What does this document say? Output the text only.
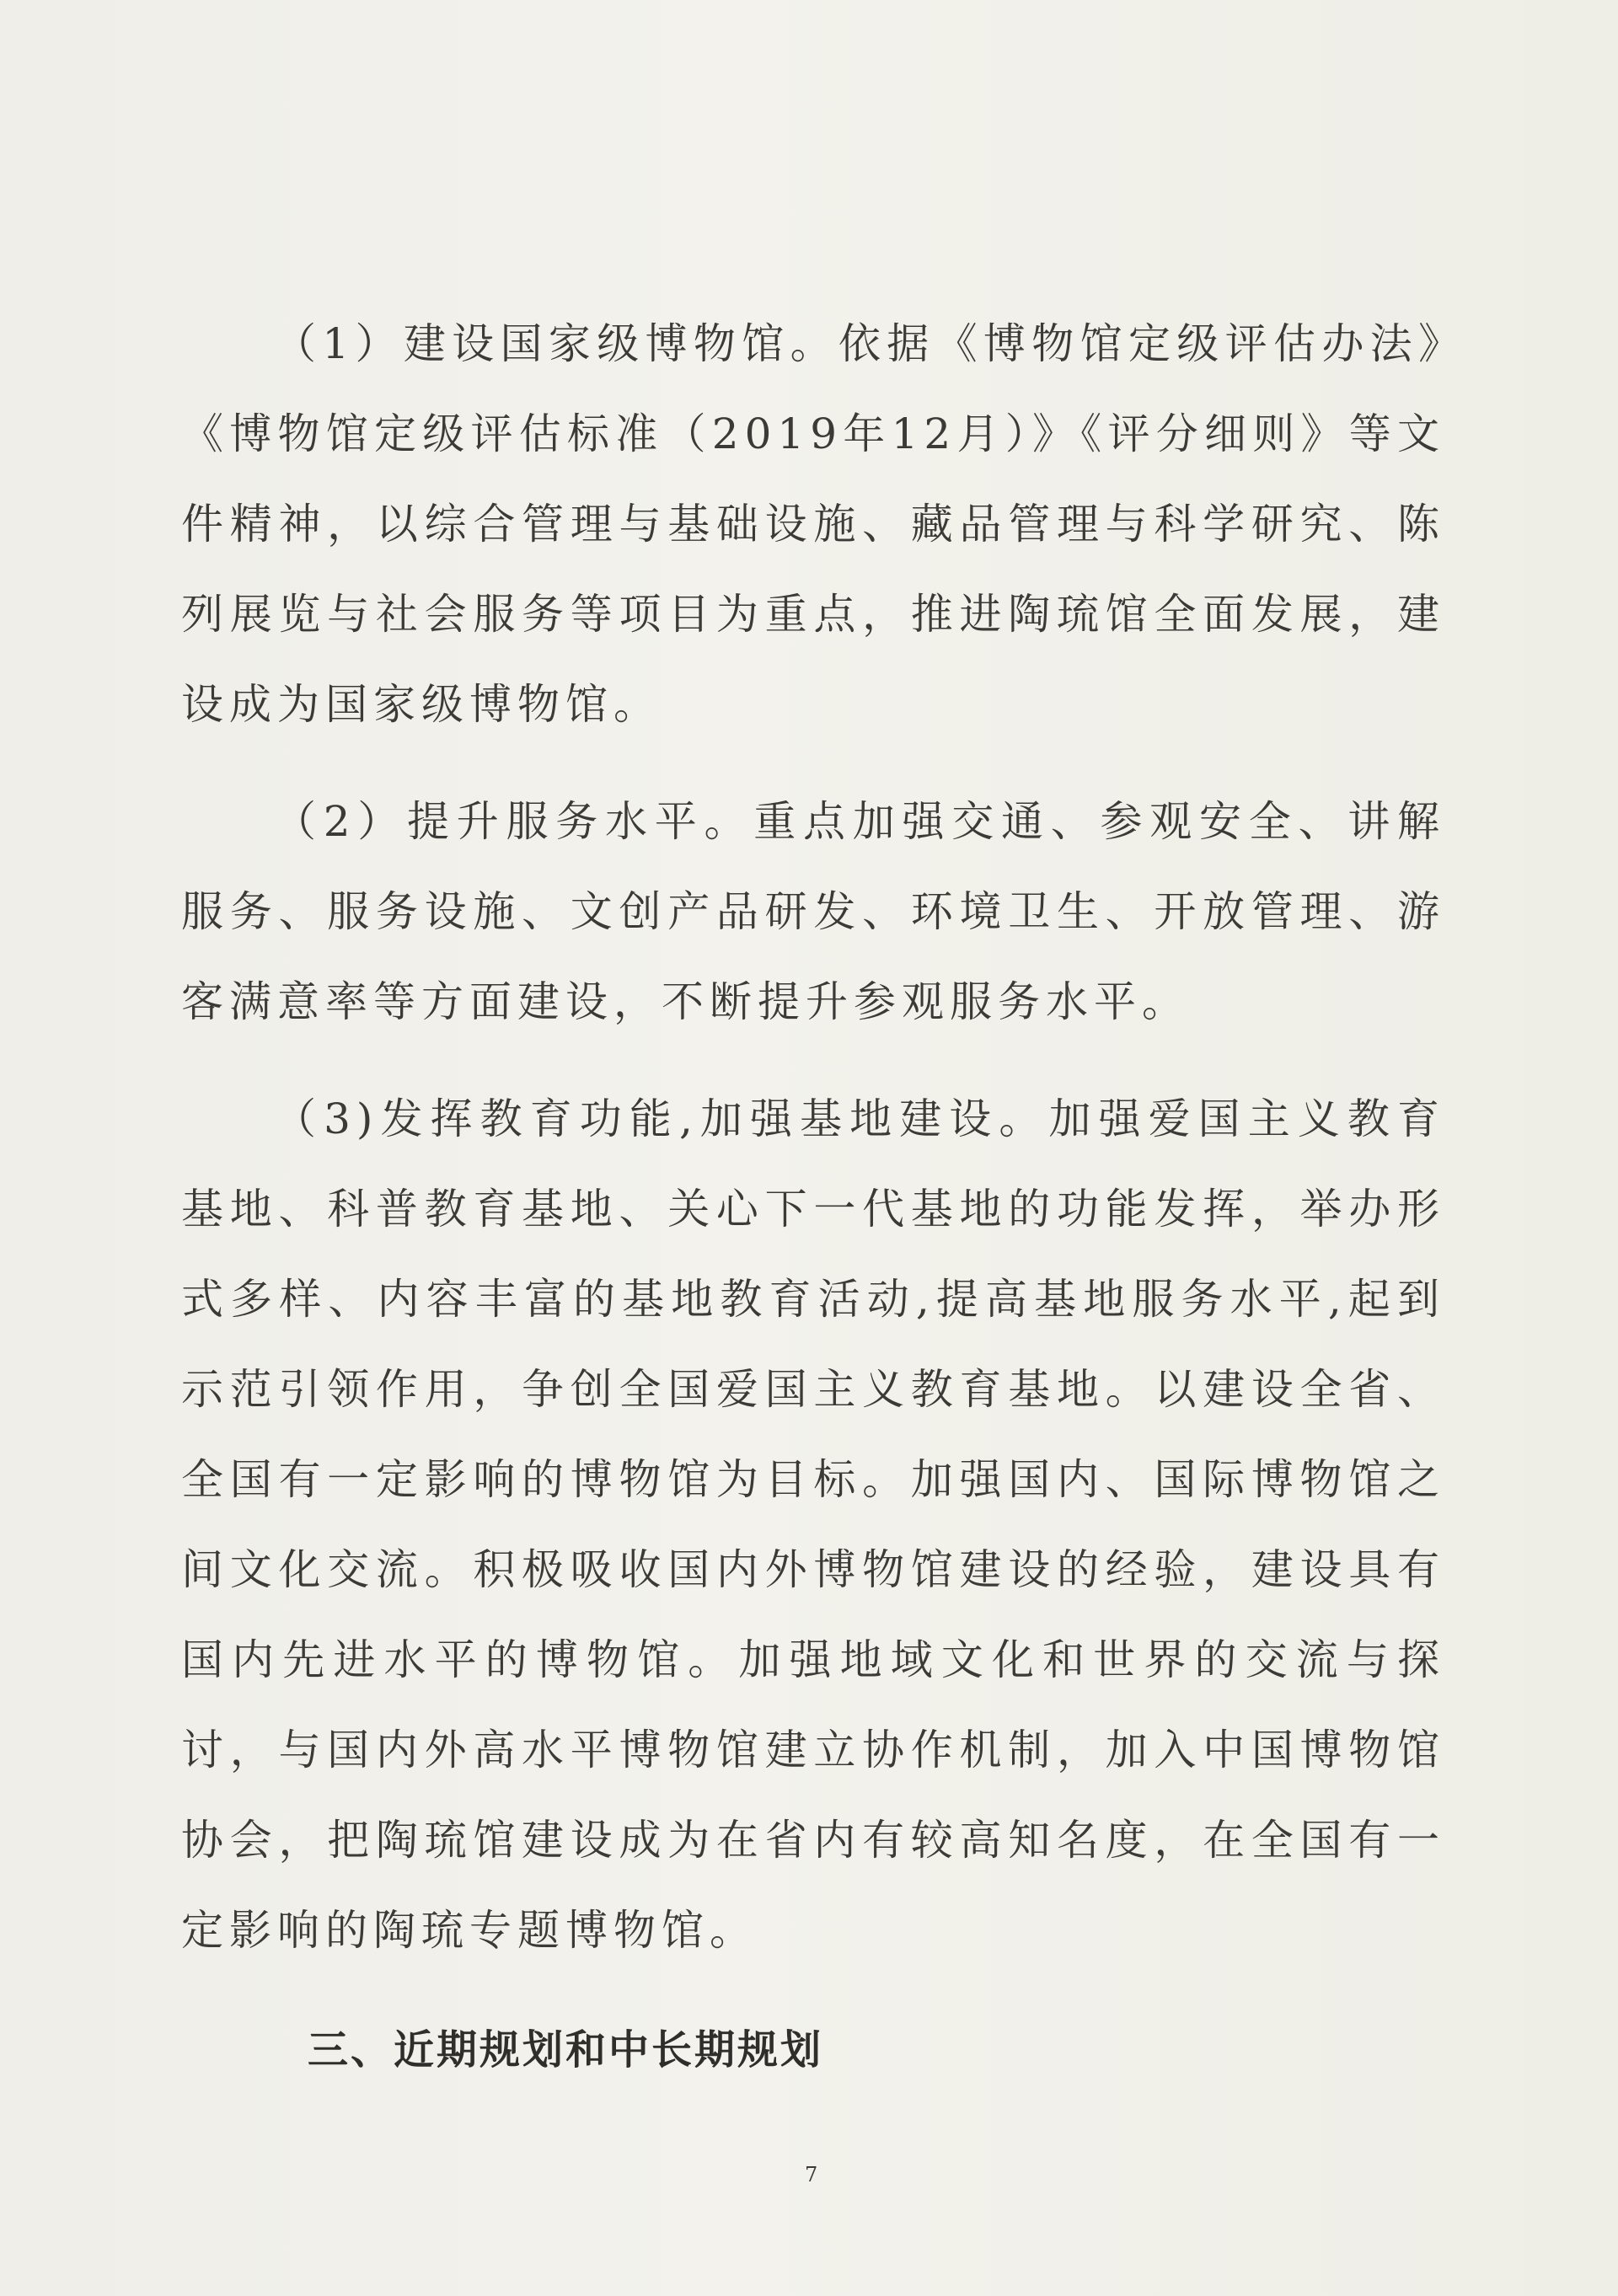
（1）建设国家级博物馆。依据《博物馆定级评估办法》《博物馆定级评估标准（2019年12月）》《评分细则》等文件精神，以综合管理与基础设施、藏品管理与科学研究、陈列展览与社会服务等项目为重点，推进陶琉馆全面发展，建设成为国家级博物馆。

（2）提升服务水平。重点加强交通、参观安全、讲解服务、服务设施、文创产品研发、环境卫生、开放管理、游客满意率等方面建设，不断提升参观服务水平。

（3)发挥教育功能,加强基地建设。加强爱国主义教育基地、科普教育基地、关心下一代基地的功能发挥，举办形式多样、内容丰富的基地教育活动,提高基地服务水平,起到示范引领作用，争创全国爱国主义教育基地。以建设全省、全国有一定影响的博物馆为目标。加强国内、国际博物馆之间文化交流。积极吸收国内外博物馆建设的经验，建设具有国内先进水平的博物馆。加强地域文化和世界的交流与探讨，与国内外高水平博物馆建立协作机制，加入中国博物馆协会，把陶琉馆建设成为在省内有较高知名度，在全国有一定影响的陶琉专题博物馆。

三、近期规划和中长期规划
7
